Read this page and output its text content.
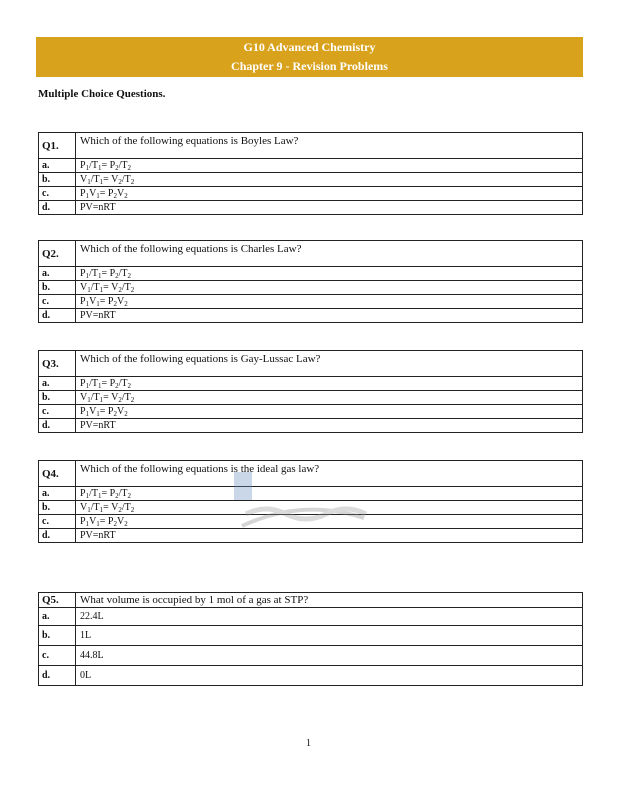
G10 Advanced Chemistry
Chapter 9 - Revision Problems
Multiple Choice Questions.
Q1.	Which of the following equations is Boyles Law?
a.	$P_1/T_1= P_2/T_2$
b.	$V_1/T_1= V_2/T_2$
c.	$P_1V_1= P_2V_2$
d.	PV=nRT
Q2.	Which of the following equations is Charles Law?
a.	$P_1/T_1= P_2/T_2$
b.	$V_1/T_1= V_2/T_2$
c.	$P_1V_1= P_2V_2$
d.	PV=nRT
Q3.	Which of the following equations is Gay-Lussac Law?
a.	$P_1/T_1= P_2/T_2$
b.	$V_1/T_1= V_2/T_2$
c.	$P_1V_1= P_2V_2$
d.	PV=nRT
Q4.	Which of the following equations is the ideal gas law?
a.	$P_1/T_1= P_2/T_2$
b.	$V_1/T_1= V_2/T_2$
c.	$P_1V_1= P_2V_2$
d.	PV=nRT
Q5.	What volume is occupied by 1 mol of a gas at STP?
a.	22.4L
b.	1L
c.	44.8L
d.	0L
1
